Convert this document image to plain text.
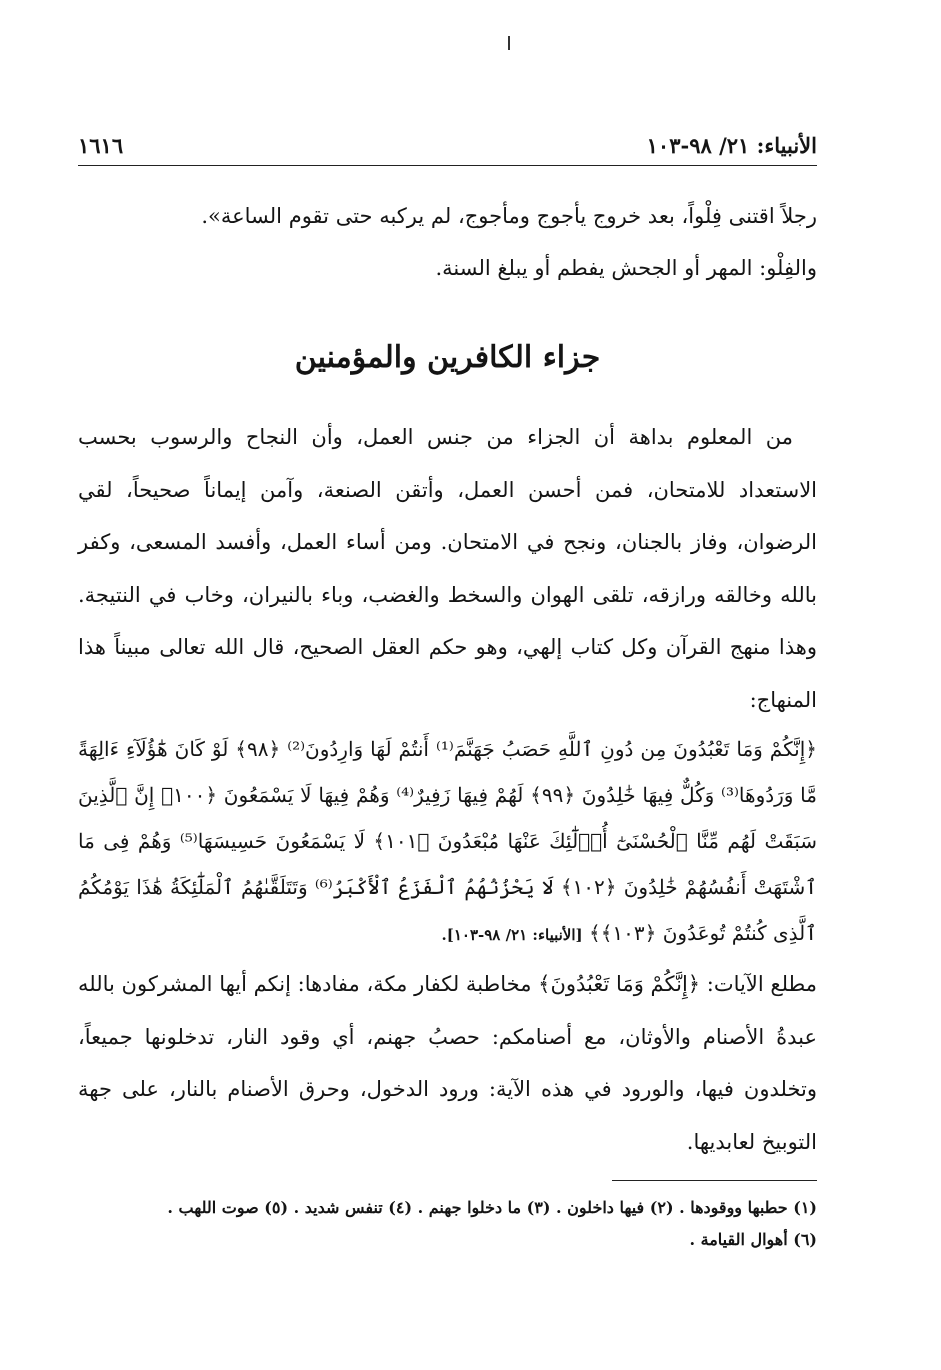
الأنبياء: ٢١/ ٩٨-١٠٣
١٦١٦

رجلاً اقتنى فِلْواً، بعد خروج يأجوج ومأجوج، لم يركبه حتى تقوم الساعة».

والفِلْو: المهر أو الجحش يفطم أو يبلغ السنة.

جزاء الكافرين والمؤمنين

من المعلوم بداهة أن الجزاء من جنس العمل، وأن النجاح والرسوب بحسب الاستعداد للامتحان، فمن أحسن العمل، وأتقن الصنعة، وآمن إيماناً صحيحاً، لقي الرضوان، وفاز بالجنان، ونجح في الامتحان. ومن أساء العمل، وأفسد المسعى، وكفر بالله وخالقه ورازقه، تلقى الهوان والسخط والغضب، وباء بالنيران، وخاب في النتيجة. وهذا منهج القرآن وكل كتاب إلهي، وهو حكم العقل الصحيح، قال الله تعالى مبيناً هذا المنهاج:

﴿إِنَّكُمْ وَمَا تَعْبُدُونَ مِن دُونِ ٱللَّهِ حَصَبُ جَهَنَّمَ⁽¹⁾ أَنتُمْ لَهَا وَارِدُونَ⁽²⁾ ﴿٩٨﴾ لَوْ كَانَ هَٰٓؤُلَآءِ ءَالِهَةً مَّا وَرَدُوهَا⁽³⁾ وَكُلٌّ فِيهَا خَٰلِدُونَ ﴿٩٩﴾ لَهُمْ فِيهَا زَفِيرٌ⁽⁴⁾ وَهُمْ فِيهَا لَا يَسْمَعُونَ ﴿١٠٠﴾ إِنَّ ٱلَّذِينَ سَبَقَتْ لَهُم مِّنَّا ٱلْحُسْنَىٰٓ أُو۟لَٰٓئِكَ عَنْهَا مُبْعَدُونَ ﴿١٠١﴾ لَا يَسْمَعُونَ حَسِيسَهَا⁽⁵⁾ وَهُمْ فِى مَا ٱشْتَهَتْ أَنفُسُهُمْ خَٰلِدُونَ ﴿١٠٢﴾ لَا يَحْزُنُهُمُ ٱلْفَزَعُ ٱلْأَكْبَرُ⁽⁶⁾ وَتَتَلَقَّىٰهُمُ ٱلْمَلَٰٓئِكَةُ هَٰذَا يَوْمُكُمُ ٱلَّذِى كُنتُمْ تُوعَدُونَ ﴿١٠٣﴾﴾ [الأنبياء: ٢١/ ٩٨-١٠٣].

مطلع الآيات: ﴿إِنَّكُمْ وَمَا تَعْبُدُونَ﴾ مخاطبة لكفار مكة، مفادها: إنكم أيها المشركون بالله عبدةُ الأصنام والأوثان، مع أصنامكم: حصبُ جهنم، أي وقود النار، تدخلونها جميعاً، وتخلدون فيها، والورود في هذه الآية: ورود الدخول، وحرق الأصنام بالنار، على جهة التوبيخ لعابديها.

(١) حطبها ووقودها . (٢) فيها داخلون . (٣) ما دخلوا جهنم . (٤) تنفس شديد . (٥) صوت اللهب .

(٦) أهوال القيامة .
